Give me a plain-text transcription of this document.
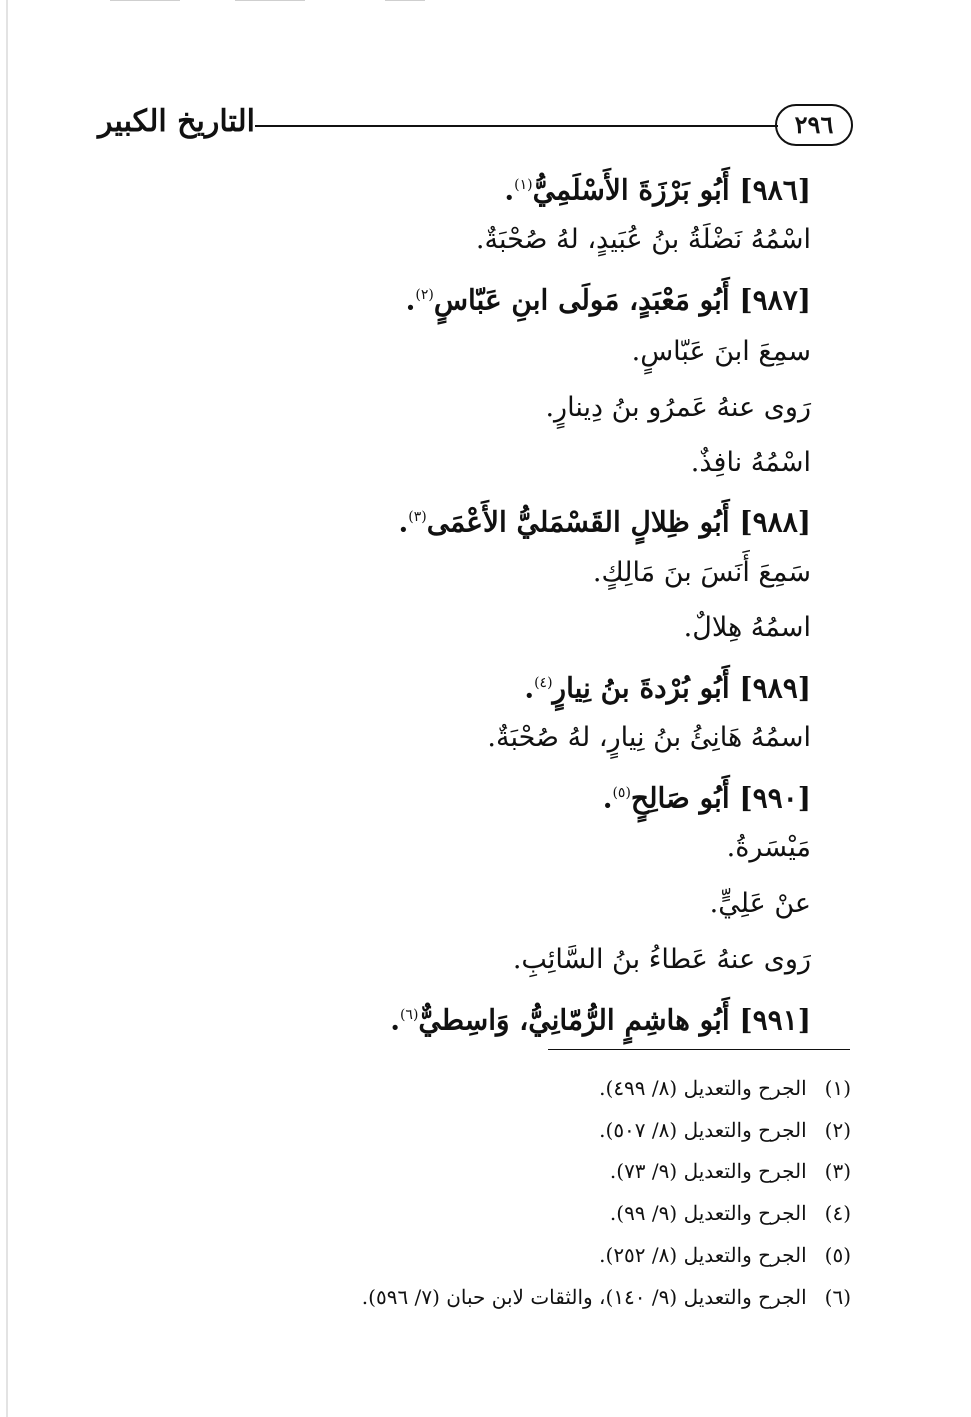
التاريخ الكبير	٢٩٦
[٩٨٦] أَبُو بَرْزَةَ الأَسْلَمِيُّ$^{(١)}$.
اسْمُهُ نَضْلَةُ بنُ عُبَيدٍ، لهُ صُحْبَةٌ.
[٩٨٧] أَبُو مَعْبَدٍ، مَولَى ابنِ عَبّاسٍ$^{(٢)}$.
سمِعَ ابنَ عَبّاسٍ.
رَوى عنهُ عَمرُو بنُ دِينارٍ.
اسْمُهُ نافِذٌ.
[٩٨٨] أَبُو ظِلالٍ القَسْمَليُّ الأَعْمَى$^{(٣)}$.
سَمِعَ أَنَسَ بنَ مَالِكٍ.
اسمُهُ هِلالٌ.
[٩٨٩] أَبُو بُرْدةَ بنُ نِيارٍ$^{(٤)}$.
اسمُهُ هَانِئُ بنُ نِيارٍ، لهُ صُحْبَةٌ.
[٩٩٠] أَبُو صَالِحٍ$^{(٥)}$.
مَيْسَرةُ.
عنْ عَلِيٍّ.
رَوى عنهُ عَطاءُ بنُ السَّائِبِ.
[٩٩١] أَبُو هاشِمٍ الرُّمّانِيُّ، وَاسِطيٌّ$^{(٦)}$.
(١) الجرح والتعديل (٨/ ٤٩٩).
(٢) الجرح والتعديل (٨/ ٥٠٧).
(٣) الجرح والتعديل (٩/ ٧٣).
(٤) الجرح والتعديل (٩/ ٩٩).
(٥) الجرح والتعديل (٨/ ٢٥٢).
(٦) الجرح والتعديل (٩/ ١٤٠)، والثقات لابن حبان (٧/ ٥٩٦).
